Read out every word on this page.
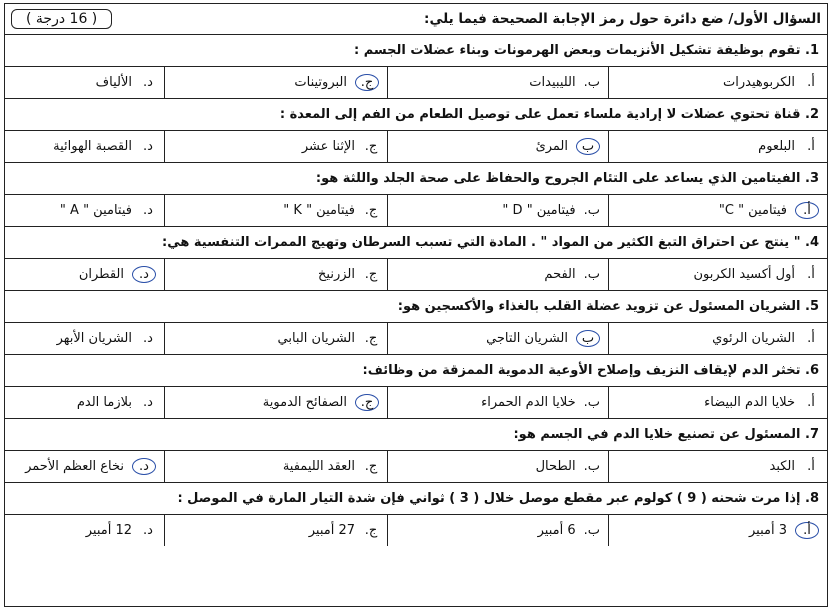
السؤال الأول/ ضع دائرة حول رمز الإجابة الصحيحة فيما يلي:
( 16 درجة )
1. تقوم بوظيفة تشكيل الأنزيمات وبعض الهرمونات وبناء عضلات الجسم :
أ.
الكربوهيدرات
ب.
الليبيدات
ج.
البروتينات
د.
الألياف
2. قناة تحتوي عضلات لا إرادية ملساء تعمل على توصيل الطعام من الفم إلى المعدة :
أ.
البلعوم
ب
المرئ
ج.
الإثنا عشر
د.
القصبة الهوائية
3. الفيتامين الذي يساعد على التئام الجروح والحفاظ على صحة الجلد واللثة هو:
أ.
فيتامين " C"
ب.
فيتامين " D "
ج.
فيتامين " K "
د.
فيتامين " A "
4. " ينتج عن احتراق التبغ الكثير من المواد " . المادة التي تسبب السرطان وتهيج الممرات التنفسية هي:
أ.
أول أكسيد الكربون
ب.
الفحم
ج.
الزرنيخ
د.
القطران
5. الشريان المسئول عن تزويد عضلة القلب بالغذاء والأكسجين هو:
أ.
الشريان الرئوي
ب
الشريان التاجي
ج.
الشريان البابي
د.
الشريان الأبهر
6. تخثر الدم لإيقاف النزيف وإصلاح الأوعية الدموية الممزقة من وظائف:
أ.
خلايا الدم البيضاء
ب.
خلايا الدم الحمراء
ج.
الصفائح الدموية
د.
بلازما الدم
7. المسئول عن تصنيع خلايا الدم في الجسم هو:
أ.
الكبد
ب.
الطحال
ج.
العقد الليمفية
د.
نخاع العظم الأحمر
8. إذا مرت شحنه ( 9 ) كولوم عبر مقطع موصل خلال ( 3 ) ثواني فإن شدة التيار المارة في الموصل :
أ.
3 أمبير
ب.
6 أمبير
ج.
27 أمبير
د.
12 أمبير
